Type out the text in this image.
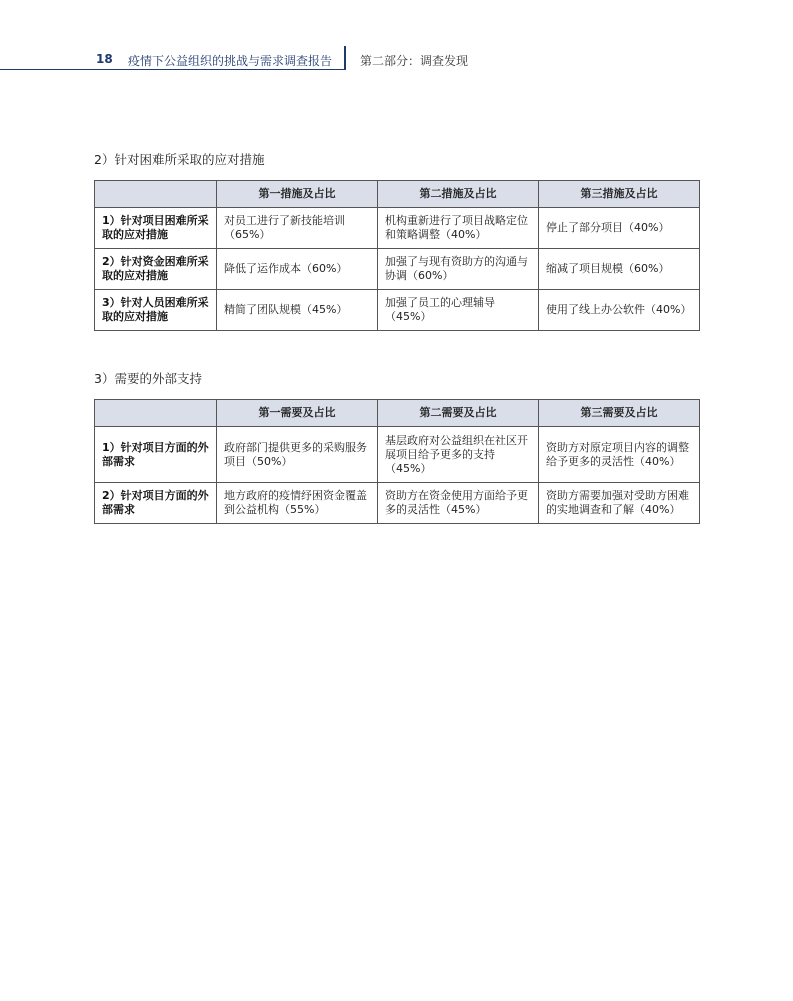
18 疫情下公益组织的挑战与需求调查报告 第二部分：调查发现
2）针对困难所采取的应对措施
	第一措施及占比	第二措施及占比	第三措施及占比
1）针对项目困难所采取的应对措施	对员工进行了新技能培训（65%）	机构重新进行了项目战略定位和策略调整（40%）	停止了部分项目（40%）
2）针对资金困难所采取的应对措施	降低了运作成本（60%）	加强了与现有资助方的沟通与协调（60%）	缩减了项目规模（60%）
3）针对人员困难所采取的应对措施	精简了团队规模（45%）	加强了员工的心理辅导（45%）	使用了线上办公软件（40%）
3）需要的外部支持
	第一需要及占比	第二需要及占比	第三需要及占比
1）针对项目方面的外部需求	政府部门提供更多的采购服务项目（50%）	基层政府对公益组织在社区开展项目给予更多的支持（45%）	资助方对原定项目内容的调整给予更多的灵活性（40%）
2）针对项目方面的外部需求	地方政府的疫情纾困资金覆盖到公益机构（55%）	资助方在资金使用方面给予更多的灵活性（45%）	资助方需要加强对受助方困难的实地调查和了解（40%）
